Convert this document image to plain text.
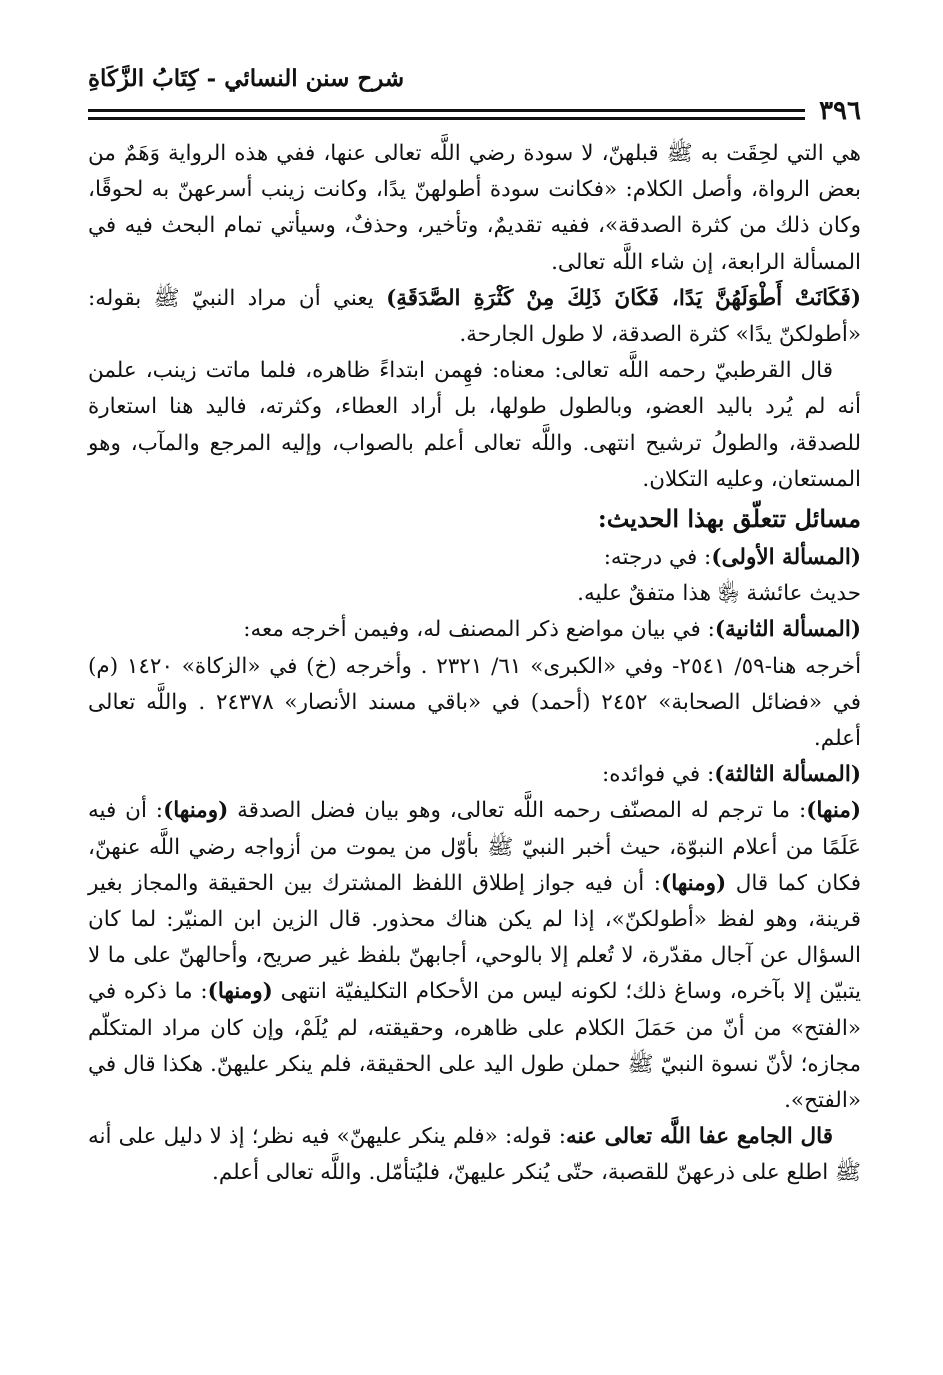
شرح سنن النسائي - كِتَابُ الزَّكَاةِ
٣٩٦

هي التي لحِقَت به ﷺ قبلهنّ، لا سودة رضي اللَّه تعالى عنها، ففي هذه الرواية وَهَمٌ من بعض الرواة، وأصل الكلام: «فكانت سودة أطولهنّ يدًا، وكانت زينب أسرعهنّ به لحوقًا، وكان ذلك من كثرة الصدقة»، ففيه تقديمٌ، وتأخير، وحذفٌ، وسيأتي تمام البحث فيه في المسألة الرابعة، إن شاء اللَّه تعالى.

(فَكَانَتْ أَطْوَلَهُنَّ يَدًا، فَكَانَ ذَلِكَ مِنْ كَثْرَةِ الصَّدَقَةِ) يعني أن مراد النبيّ ﷺ بقوله: «أطولكنّ يدًا» كثرة الصدقة، لا طول الجارحة.

قال القرطبيّ رحمه اللَّه تعالى: معناه: فهِمن ابتداءً ظاهره، فلما ماتت زينب، علمن أنه لم يُرد باليد العضو، وبالطول طولها، بل أراد العطاء، وكثرته، فاليد هنا استعارة للصدقة، والطولُ ترشيح انتهى. واللَّه تعالى أعلم بالصواب، وإليه المرجع والمآب، وهو المستعان، وعليه التكلان.

مسائل تتعلّق بهذا الحديث:

(المسألة الأولى): في درجته:

حديث عائشة ﵂ هذا متفقٌ عليه.

(المسألة الثانية): في بيان مواضع ذكر المصنف له، وفيمن أخرجه معه:

أخرجه هنا-٥٩/ ٢٥٤١- وفي «الكبرى» ٦١/ ٢٣٢١ . وأخرجه (خ) في «الزكاة» ١٤٢٠ (م) في «فضائل الصحابة» ٢٤٥٢ (أحمد) في «باقي مسند الأنصار» ٢٤٣٧٨ . واللَّه تعالى أعلم.

(المسألة الثالثة): في فوائده:

(منها): ما ترجم له المصنّف رحمه اللَّه تعالى، وهو بيان فضل الصدقة (ومنها): أن فيه عَلَمًا من أعلام النبوّة، حيث أخبر النبيّ ﷺ بأوّل من يموت من أزواجه رضي اللَّه عنهنّ، فكان كما قال (ومنها): أن فيه جواز إطلاق اللفظ المشترك بين الحقيقة والمجاز بغير قرينة، وهو لفظ «أطولكنّ»، إذا لم يكن هناك محذور. قال الزين ابن المنيّر: لما كان السؤال عن آجال مقدّرة، لا تُعلم إلا بالوحي، أجابهنّ بلفظ غير صريح، وأحالهنّ على ما لا يتبيّن إلا بآخره، وساغ ذلك؛ لكونه ليس من الأحكام التكليفيّة انتهى (ومنها): ما ذكره في «الفتح» من أنّ من حَمَلَ الكلام على ظاهره، وحقيقته، لم يُلَمْ، وإن كان مراد المتكلّم مجازه؛ لأنّ نسوة النبيّ ﷺ حملن طول اليد على الحقيقة، فلم ينكر عليهنّ. هكذا قال في «الفتح».

قال الجامع عفا اللَّه تعالى عنه: قوله: «فلم ينكر عليهنّ» فيه نظر؛ إذ لا دليل على أنه ﷺ اطلع على ذرعهنّ للقصبة، حتّى يُنكر عليهنّ، فليُتأمّل. واللَّه تعالى أعلم.
